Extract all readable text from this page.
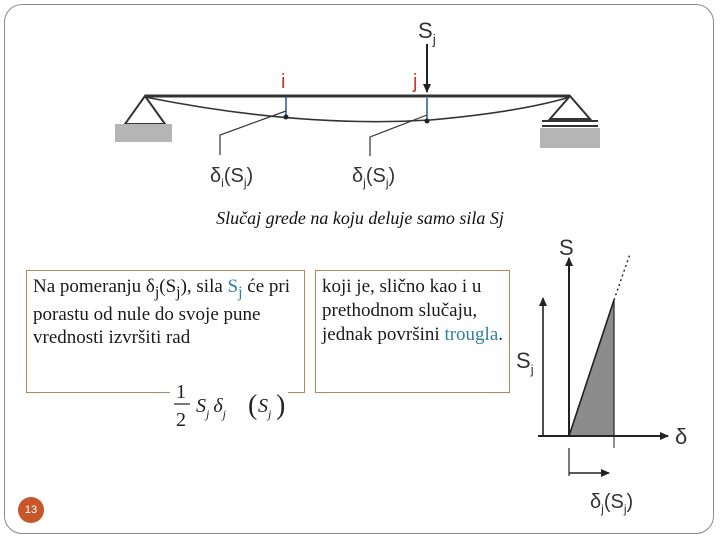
$S_j$
i	j
$\delta_i(S_j)$	$\delta_j(S_j)$
S
δ
$S_j$
$\delta_j(S_j)$
Slučaj grede na koju deluje samo sila Sj
Na pomeranju $\delta_j(S_j)$, sila $S_j$ će pri porastu od nule do svoje pune vrednosti izvršiti rad
1
2
$S_j$ $\delta_j$ ( $S_j$ )
koji je, slično kao i u prethodnom slučaju, jednak površini trougla.
13
